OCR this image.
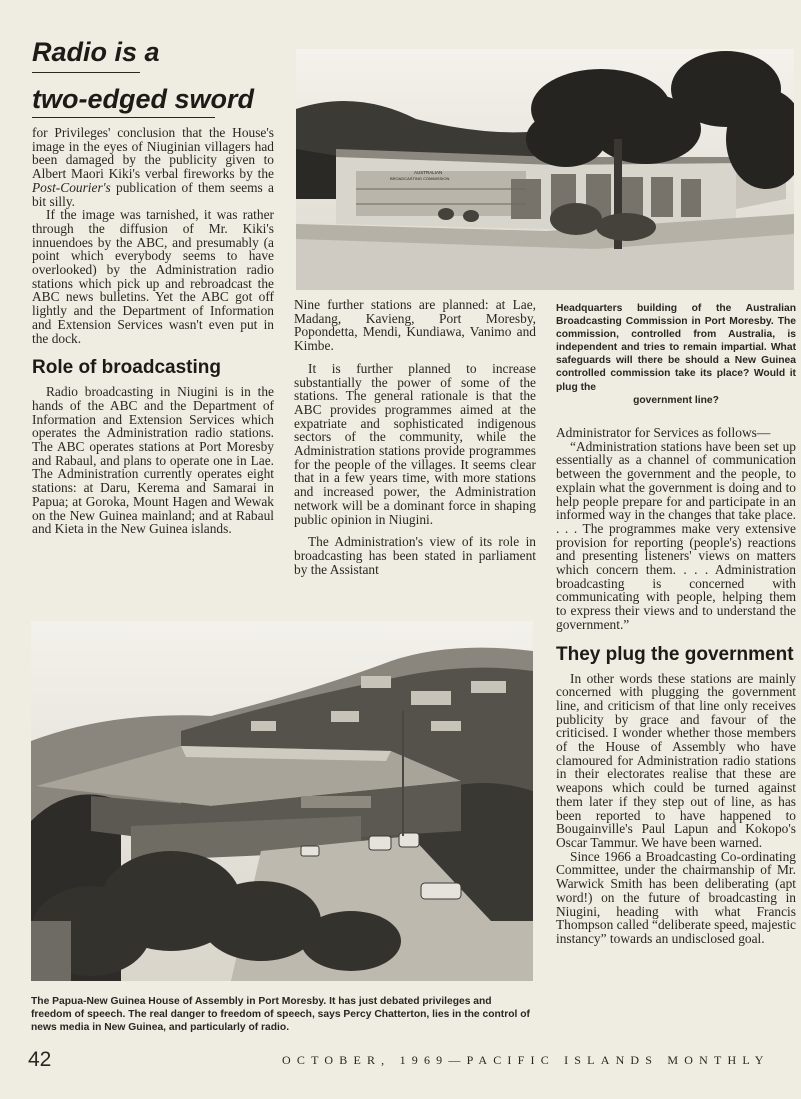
Radio is a
two-edged sword

for Privileges' conclusion that the House's image in the eyes of Niuginian villagers had been damaged by the publicity given to Albert Maori Kiki's verbal fireworks by the Post-Courier's publication of them seems a bit silly.

If the image was tarnished, it was rather through the diffusion of Mr. Kiki's innuendoes by the ABC, and presumably (a point which everybody seems to have overlooked) by the Administration radio stations which pick up and rebroadcast the ABC news bulletins. Yet the ABC got off lightly and the Department of Information and Extension Services wasn't even put in the dock.

Role of broadcasting

Radio broadcasting in Niugini is in the hands of the ABC and the Department of Information and Extension Services which operates the Administration radio stations. The ABC operates stations at Port Moresby and Rabaul, and plans to operate one in Lae. The Administration currently operates eight stations: at Daru, Kerema and Samarai in Papua; at Goroka, Mount Hagen and Wewak on the New Guinea mainland; and at Rabaul and Kieta in the New Guinea islands.

Nine further stations are planned: at Lae, Madang, Kavieng, Port Moresby, Popondetta, Mendi, Kundiawa, Vanimo and Kimbe.

It is further planned to increase substantially the power of some of the stations. The general rationale is that the ABC provides programmes aimed at the expatriate and sophisticated indigenous sectors of the community, while the Administration stations provide programmes for the people of the villages. It seems clear that in a few years time, with more stations and increased power, the Administration network will be a dominant force in shaping public opinion in Niugini.

The Administration's view of its role in broadcasting has been stated in parliament by the Assistant

Administrator for Services as follows—

“Administration stations have been set up essentially as a channel of communication between the government and the people, to explain what the government is doing and to help people prepare for and participate in an informed way in the changes that take place. . . . The programmes make very extensive provision for reporting (people's) reactions and presenting listeners' views on matters which concern them. . . . Administration broadcasting is concerned with communicating with people, helping them to express their views and to understand the government.”

They plug the government

In other words these stations are mainly concerned with plugging the government line, and criticism of that line only receives publicity by grace and favour of the criticised. I wonder whether those members of the House of Assembly who have clamoured for Administration radio stations in their electorates realise that these are weapons which could be turned against them later if they step out of line, as has been reported to have happened to Bougainville's Paul Lapun and Kokopo's Oscar Tammur. We have been warned.

Since 1966 a Broadcasting Co-ordinating Committee, under the chairmanship of Mr. Warwick Smith has been deliberating (apt word!) on the future of broadcasting in Niugini, heading with what Francis Thompson called “deliberate speed, majestic instancy” towards an undisclosed goal.

AUSTRALIAN
BROADCASTING COMMISSION
Headquarters building of the Australian Broadcasting Commission in Port Moresby. The commission, controlled from Australia, is independent and tries to remain impartial. What safeguards will there be should a New Guinea controlled commission take its place? Would it plug the
government line?
The Papua-New Guinea House of Assembly in Port Moresby. It has just debated privileges and freedom of speech. The real danger to freedom of speech, says Percy Chatterton, lies in the control of news media in New Guinea, and particularly of radio.
42	OCTOBER, 1969—PACIFIC ISLANDS MONTHLY
